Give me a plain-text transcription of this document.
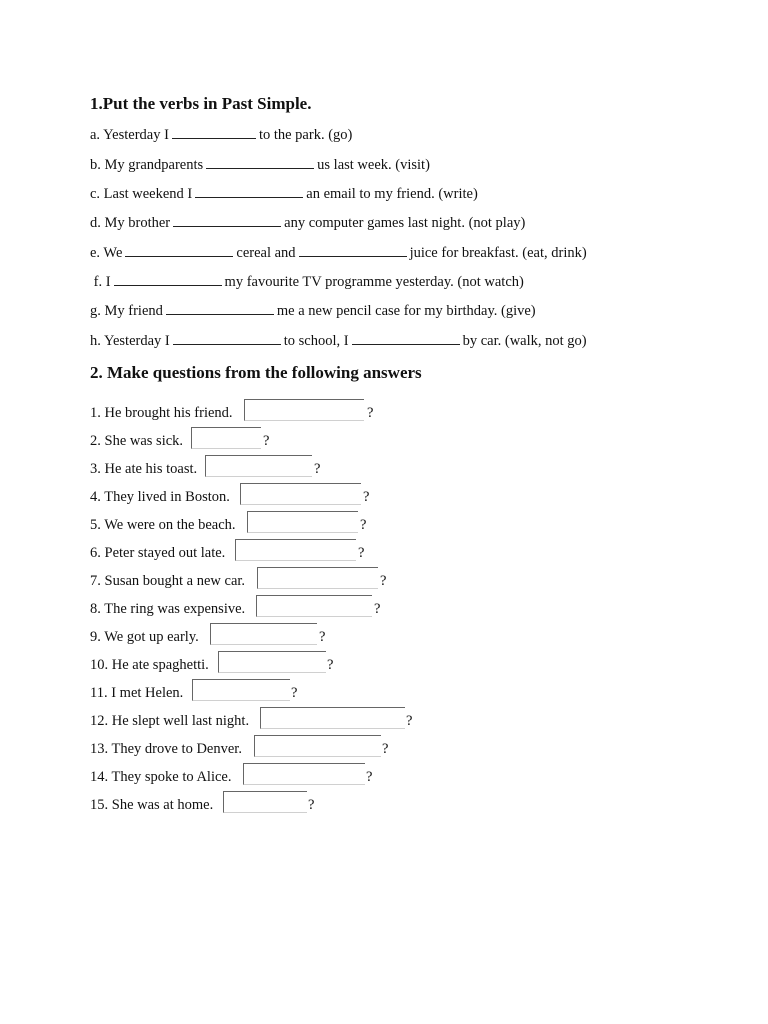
1.Put the verbs in Past Simple.
a. Yesterday I	to the park. (go)
b. My grandparents	us last week. (visit)
c. Last weekend I	an email to my friend. (write)
d. My brother	any computer games last night. (not play)
e. We	cereal and	juice for breakfast. (eat, drink)
f. I	my favourite TV programme yesterday. (not watch)
g. My friend	me a new pencil case for my birthday. (give)
h. Yesterday I	to school, I	by car. (walk, not go)
2. Make questions from the following answers
1. He brought his friend.	?
2. She was sick.	?
3. He ate his toast.	?
4. They lived in Boston.	?
5. We were on the beach.	?
6. Peter stayed out late.	?
7. Susan bought a new car.	?
8. The ring was expensive.	?
9. We got up early.	?
10. He ate spaghetti.	?
11. I met Helen.	?
12. He slept well last night.	?
13. They drove to Denver.	?
14. They spoke to Alice.	?
15. She was at home.	?
